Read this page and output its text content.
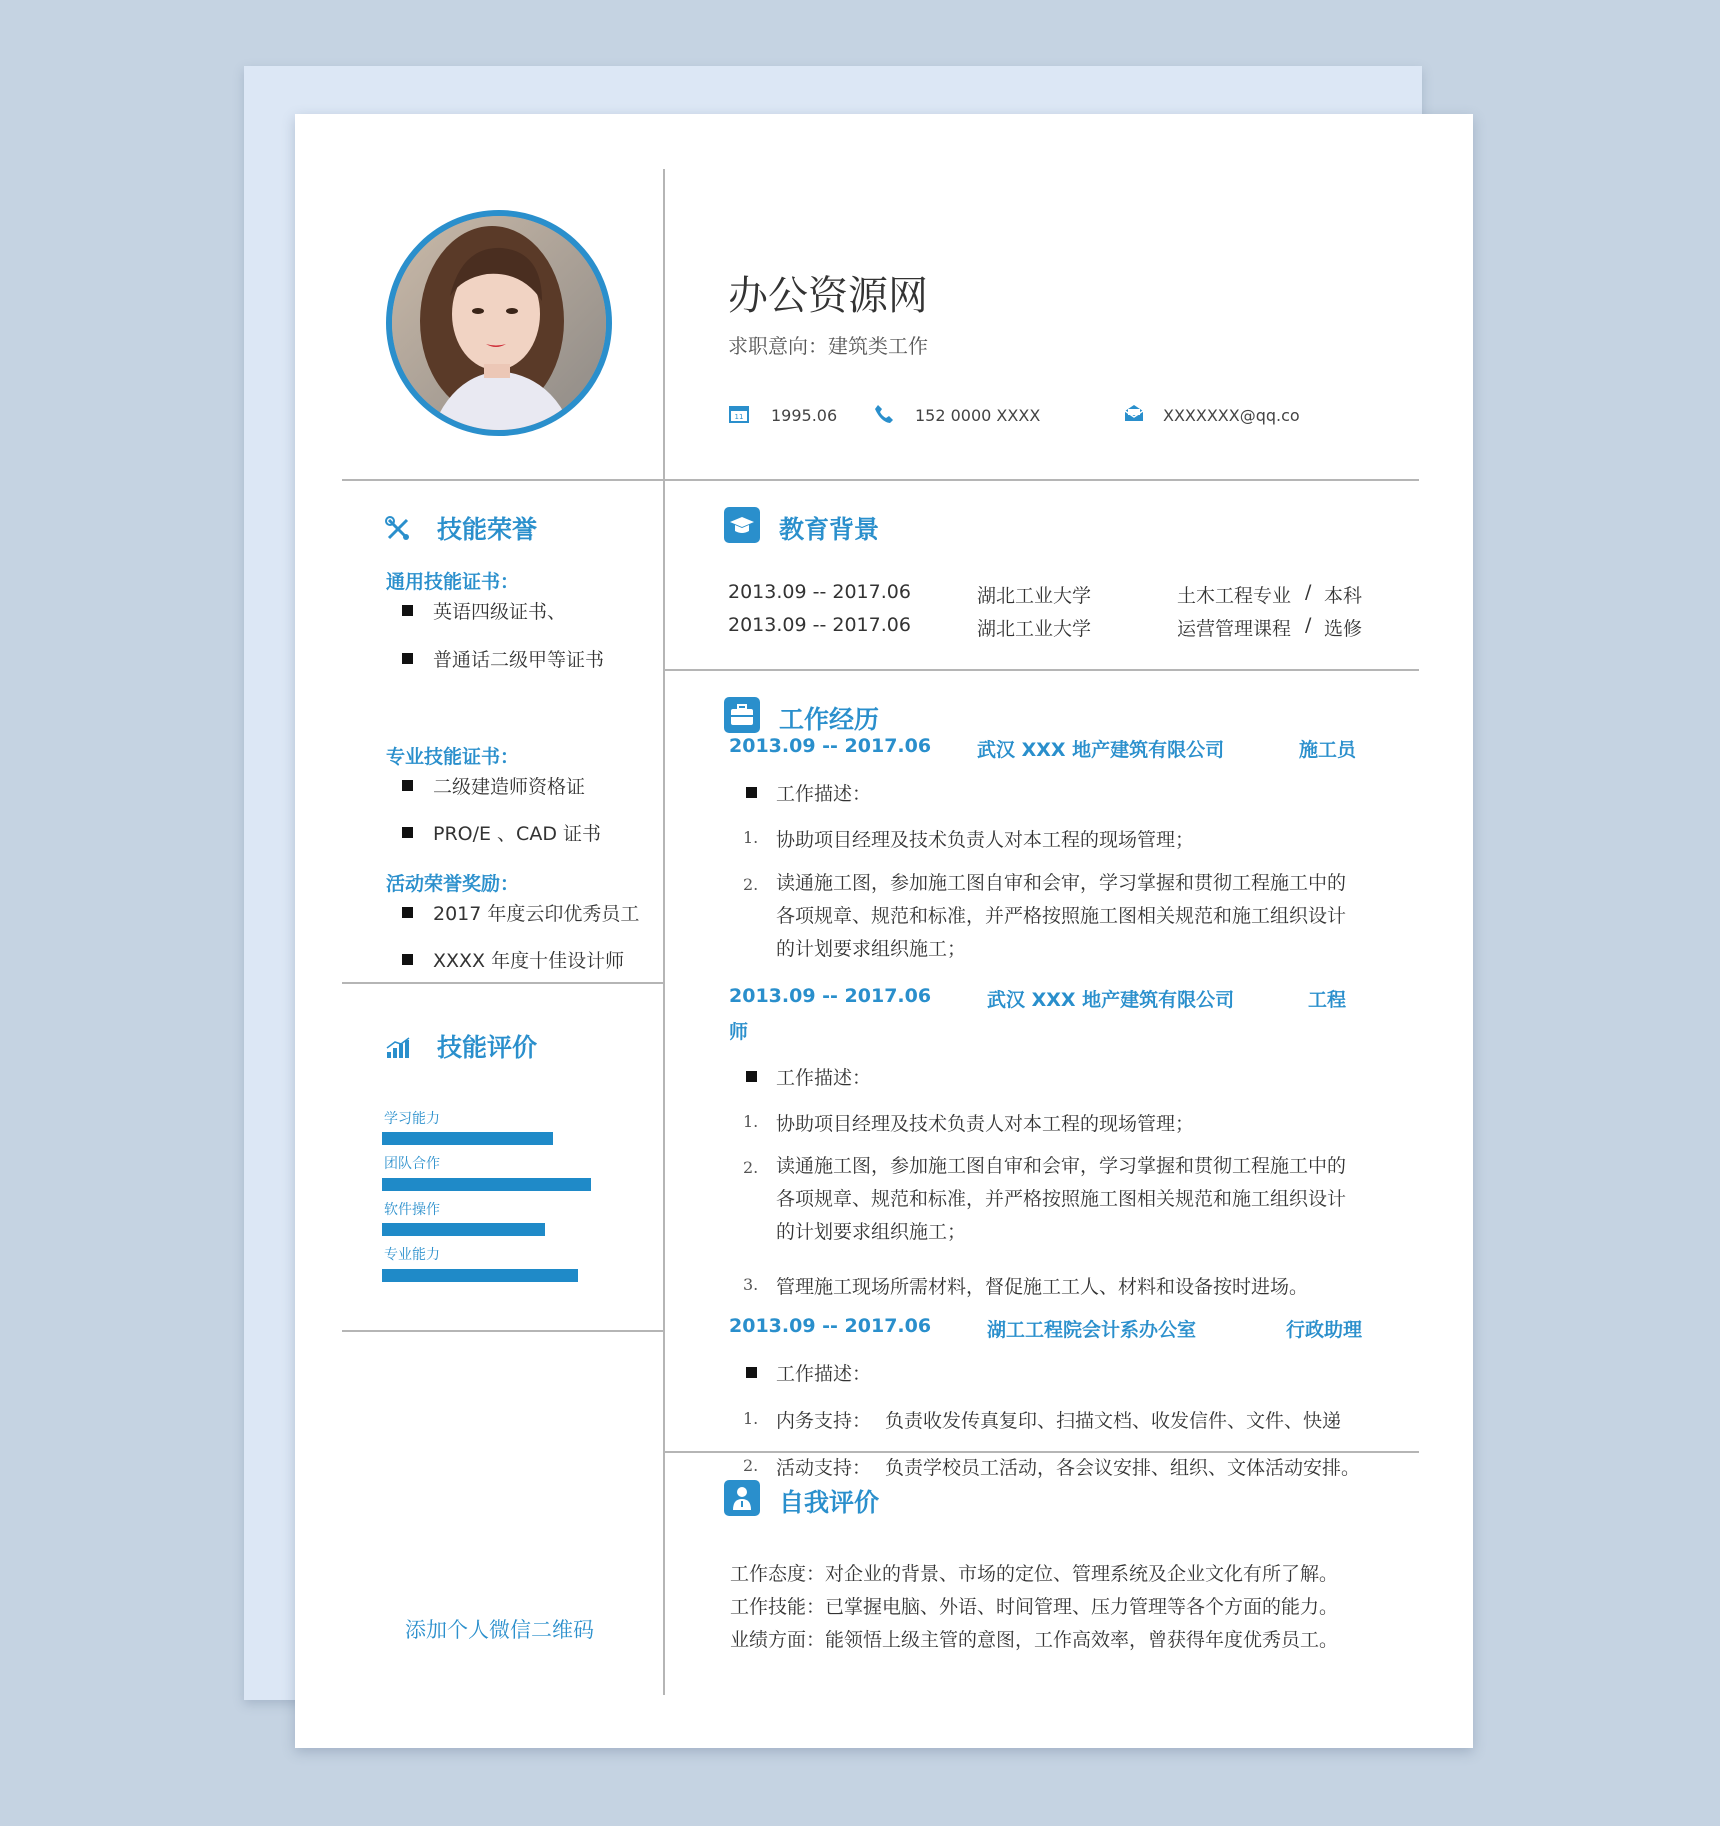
办公资源网
求职意向：建筑类工作
11 1995.06	152 0000 XXXX	XXXXXXX@qq.co
技能荣誉
通用技能证书：
英语四级证书、
普通话二级甲等证书
专业技能证书：
二级建造师资格证
PRO/E 、CAD 证书
活动荣誉奖励：
2017 年度云印优秀员工
XXXX 年度十佳设计师
技能评价
学习能力
团队合作
软件操作
专业能力
添加个人微信二维码
教育背景
2013.09 -- 2017.06	湖北工业大学	土木工程专业 / 本科
2013.09 -- 2017.06	湖北工业大学	运营管理课程 / 选修
工作经历
2013.09 -- 2017.06 武汉 XXX 地产建筑有限公司	施工员
工作描述：
1. 协助项目经理及技术负责人对本工程的现场管理；
2. 读通施工图，参加施工图自审和会审，学习掌握和贯彻工程施工中的
各项规章、规范和标准，并严格按照施工图相关规范和施工组织设计
的计划要求组织施工；
2013.09 -- 2017.06	武汉 XXX 地产建筑有限公司	工程
师
工作描述：
1. 协助项目经理及技术负责人对本工程的现场管理；
2. 读通施工图，参加施工图自审和会审，学习掌握和贯彻工程施工中的
各项规章、规范和标准，并严格按照施工图相关规范和施工组织设计
的计划要求组织施工；
3. 管理施工现场所需材料，督促施工工人、材料和设备按时进场。
2013.09 -- 2017.06	湖工工程院会计系办公室	行政助理
工作描述：
1. 内务支持： 负责收发传真复印、扫描文档、收发信件、文件、快递
2. 活动支持： 负责学校员工活动，各会议安排、组织、文体活动安排。
自我评价
工作态度：对企业的背景、市场的定位、管理系统及企业文化有所了解。
工作技能：已掌握电脑、外语、时间管理、压力管理等各个方面的能力。
业绩方面：能领悟上级主管的意图，工作高效率，曾获得年度优秀员工。
